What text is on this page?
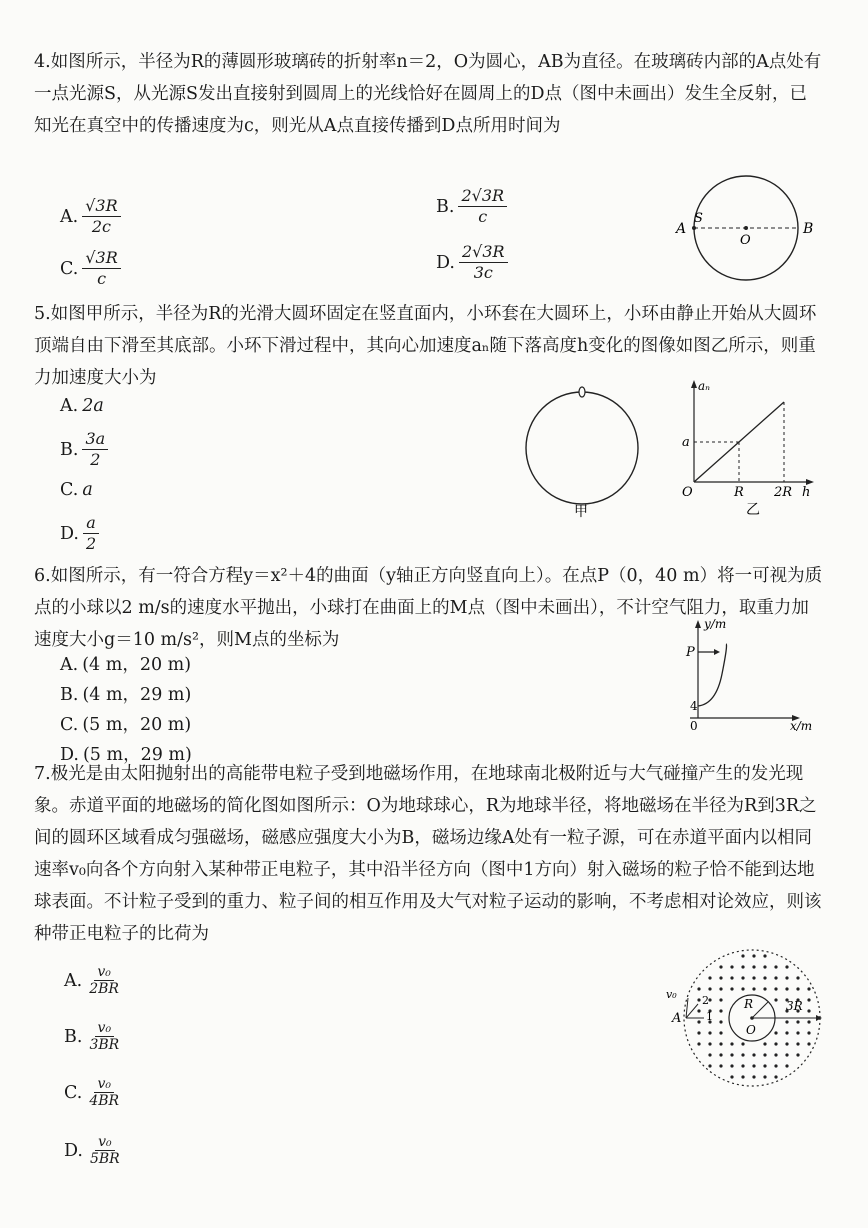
4.如图所示，半径为R的薄圆形玻璃砖的折射率n＝2，O为圆心，AB为直径。在玻璃砖内部的A点处有一点光源S，从光源S发出直接射到圆周上的光线恰好在圆周上的D点（图中未画出）发生全反射，已知光在真空中的传播速度为c，则光从A点直接传播到D点所用时间为

A. $\frac{√3R}{2c}$	B. $\frac{2√3R}{c}$
C. $\frac{√3R}{c}$	D. $\frac{2√3R}{3c}$
A
S
O
B

5.如图甲所示，半径为R的光滑大圆环固定在竖直面内，小环套在大圆环上，小环由静止开始从大圆环顶端自由下滑至其底部。小环下滑过程中，其向心加速度aₙ随下落高度h变化的图像如图乙所示，则重力加速度大小为

A. 2a
B. $\frac{3a}{2}$
C. a
D. $\frac{a}{2}$
甲
aₙ
a
O	R 2R h
乙

6.如图所示，有一符合方程y＝x²＋4的曲面（y轴正方向竖直向上）。在点P（0，40 m）将一可视为质点的小球以2 m/s的速度水平抛出，小球打在曲面上的M点（图中未画出），不计空气阻力，取重力加速度大小g＝10 m/s²，则M点的坐标为

A. (4 m，20 m)
B. (4 m，29 m)
C. (5 m，20 m)
D. (5 m，29 m)
y/m
P
4
0	x/m

7.极光是由太阳抛射出的高能带电粒子受到地磁场作用，在地球南北极附近与大气碰撞产生的发光现象。赤道平面的地磁场的简化图如图所示：O为地球球心，R为地球半径，将地磁场在半径为R到3R之间的圆环区域看成匀强磁场，磁感应强度大小为B，磁场边缘A处有一粒子源，可在赤道平面内以相同速率v₀向各个方向射入某种带正电粒子，其中沿半径方向（图中1方向）射入磁场的粒子恰不能到达地球表面。不计粒子受到的重力、粒子间的相互作用及大气对粒子运动的影响，不考虑相对论效应，则该种带正电粒子的比荷为

A. $\frac{\text{v₀}}{2BR}$
B. $\frac{\text{v₀}}{3BR}$
C. $\frac{\text{v₀}}{4BR}$
D. $\frac{\text{v₀}}{5BR}$
v₀ 2
1
A
R	3R
O
